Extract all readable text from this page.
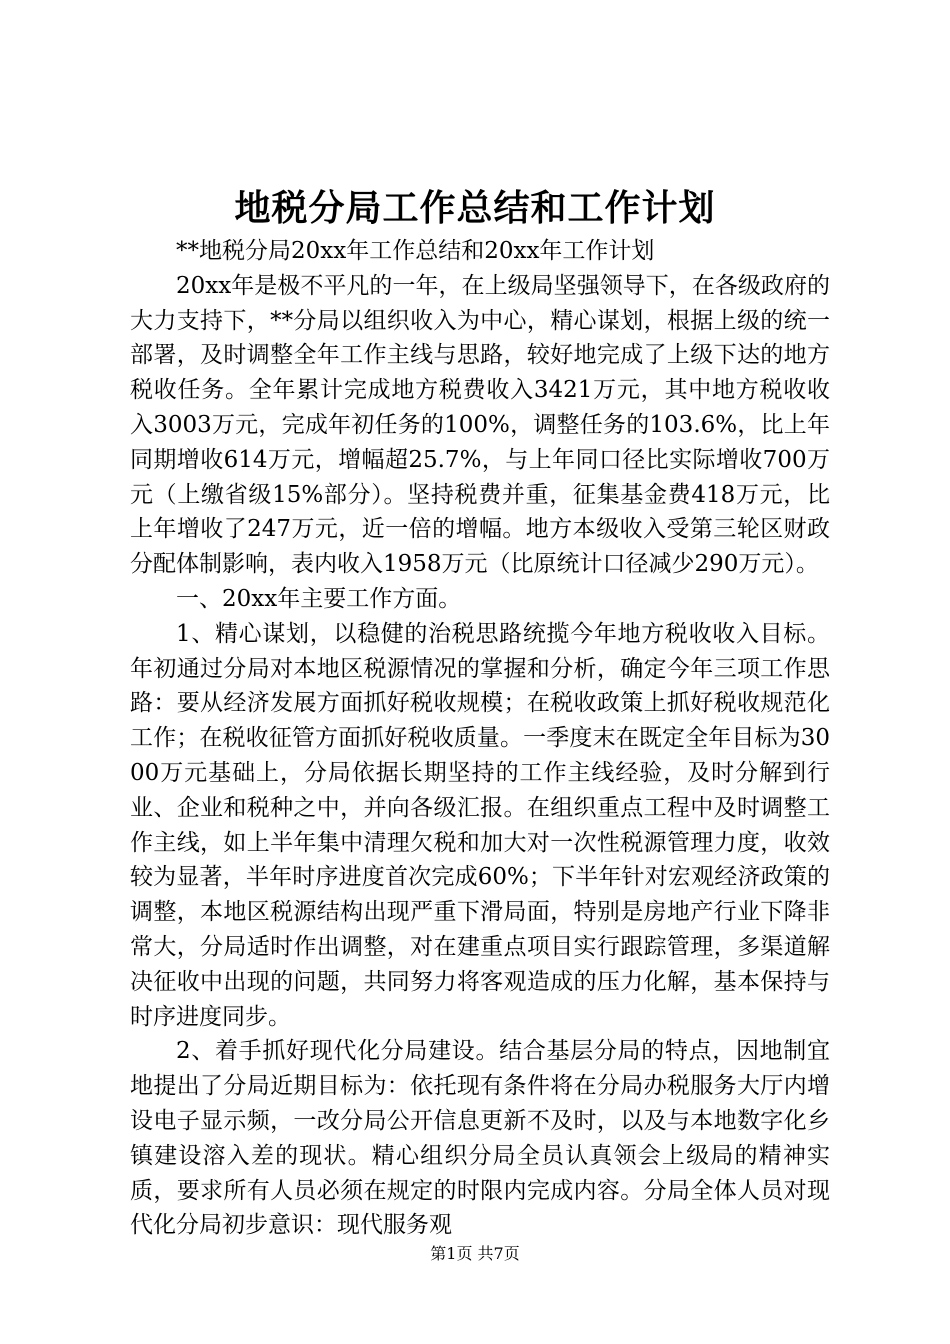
地税分局工作总结和工作计划

**地税分局20xx年工作总结和20xx年工作计划

20xx年是极不平凡的一年，在上级局坚强领导下，在各级政府的大力支持下，**分局以组织收入为中心，精心谋划，根据上级的统一部署，及时调整全年工作主线与思路，较好地完成了上级下达的地方税收任务。全年累计完成地方税费收入3421万元，其中地方税收收入3003万元，完成年初任务的100%，调整任务的103.6%，比上年同期增收614万元，增幅超25.7%，与上年同口径比实际增收700万元（上缴省级15%部分）。坚持税费并重，征集基金费418万元，比上年增收了247万元，近一倍的增幅。地方本级收入受第三轮区财政分配体制影响，表内收入1958万元（比原统计口径减少290万元）。

一、20xx年主要工作方面。

1、精心谋划，以稳健的治税思路统揽今年地方税收收入目标。年初通过分局对本地区税源情况的掌握和分析，确定今年三项工作思路：要从经济发展方面抓好税收规模；在税收政策上抓好税收规范化工作；在税收征管方面抓好税收质量。一季度末在既定全年目标为3000万元基础上，分局依据长期坚持的工作主线经验，及时分解到行业、企业和税种之中，并向各级汇报。在组织重点工程中及时调整工作主线，如上半年集中清理欠税和加大对一次性税源管理力度，收效较为显著，半年时序进度首次完成60%；下半年针对宏观经济政策的调整，本地区税源结构出现严重下滑局面，特别是房地产行业下降非常大，分局适时作出调整，对在建重点项目实行跟踪管理，多渠道解决征收中出现的问题，共同努力将客观造成的压力化解，基本保持与时序进度同步。

2、着手抓好现代化分局建设。结合基层分局的特点，因地制宜地提出了分局近期目标为：依托现有条件将在分局办税服务大厅内增设电子显示频，一改分局公开信息更新不及时，以及与本地数字化乡镇建设溶入差的现状。精心组织分局全员认真领会上级局的精神实质，要求所有人员必须在规定的时限内完成内容。分局全体人员对现代化分局初步意识：现代服务观

第1页 共7页
